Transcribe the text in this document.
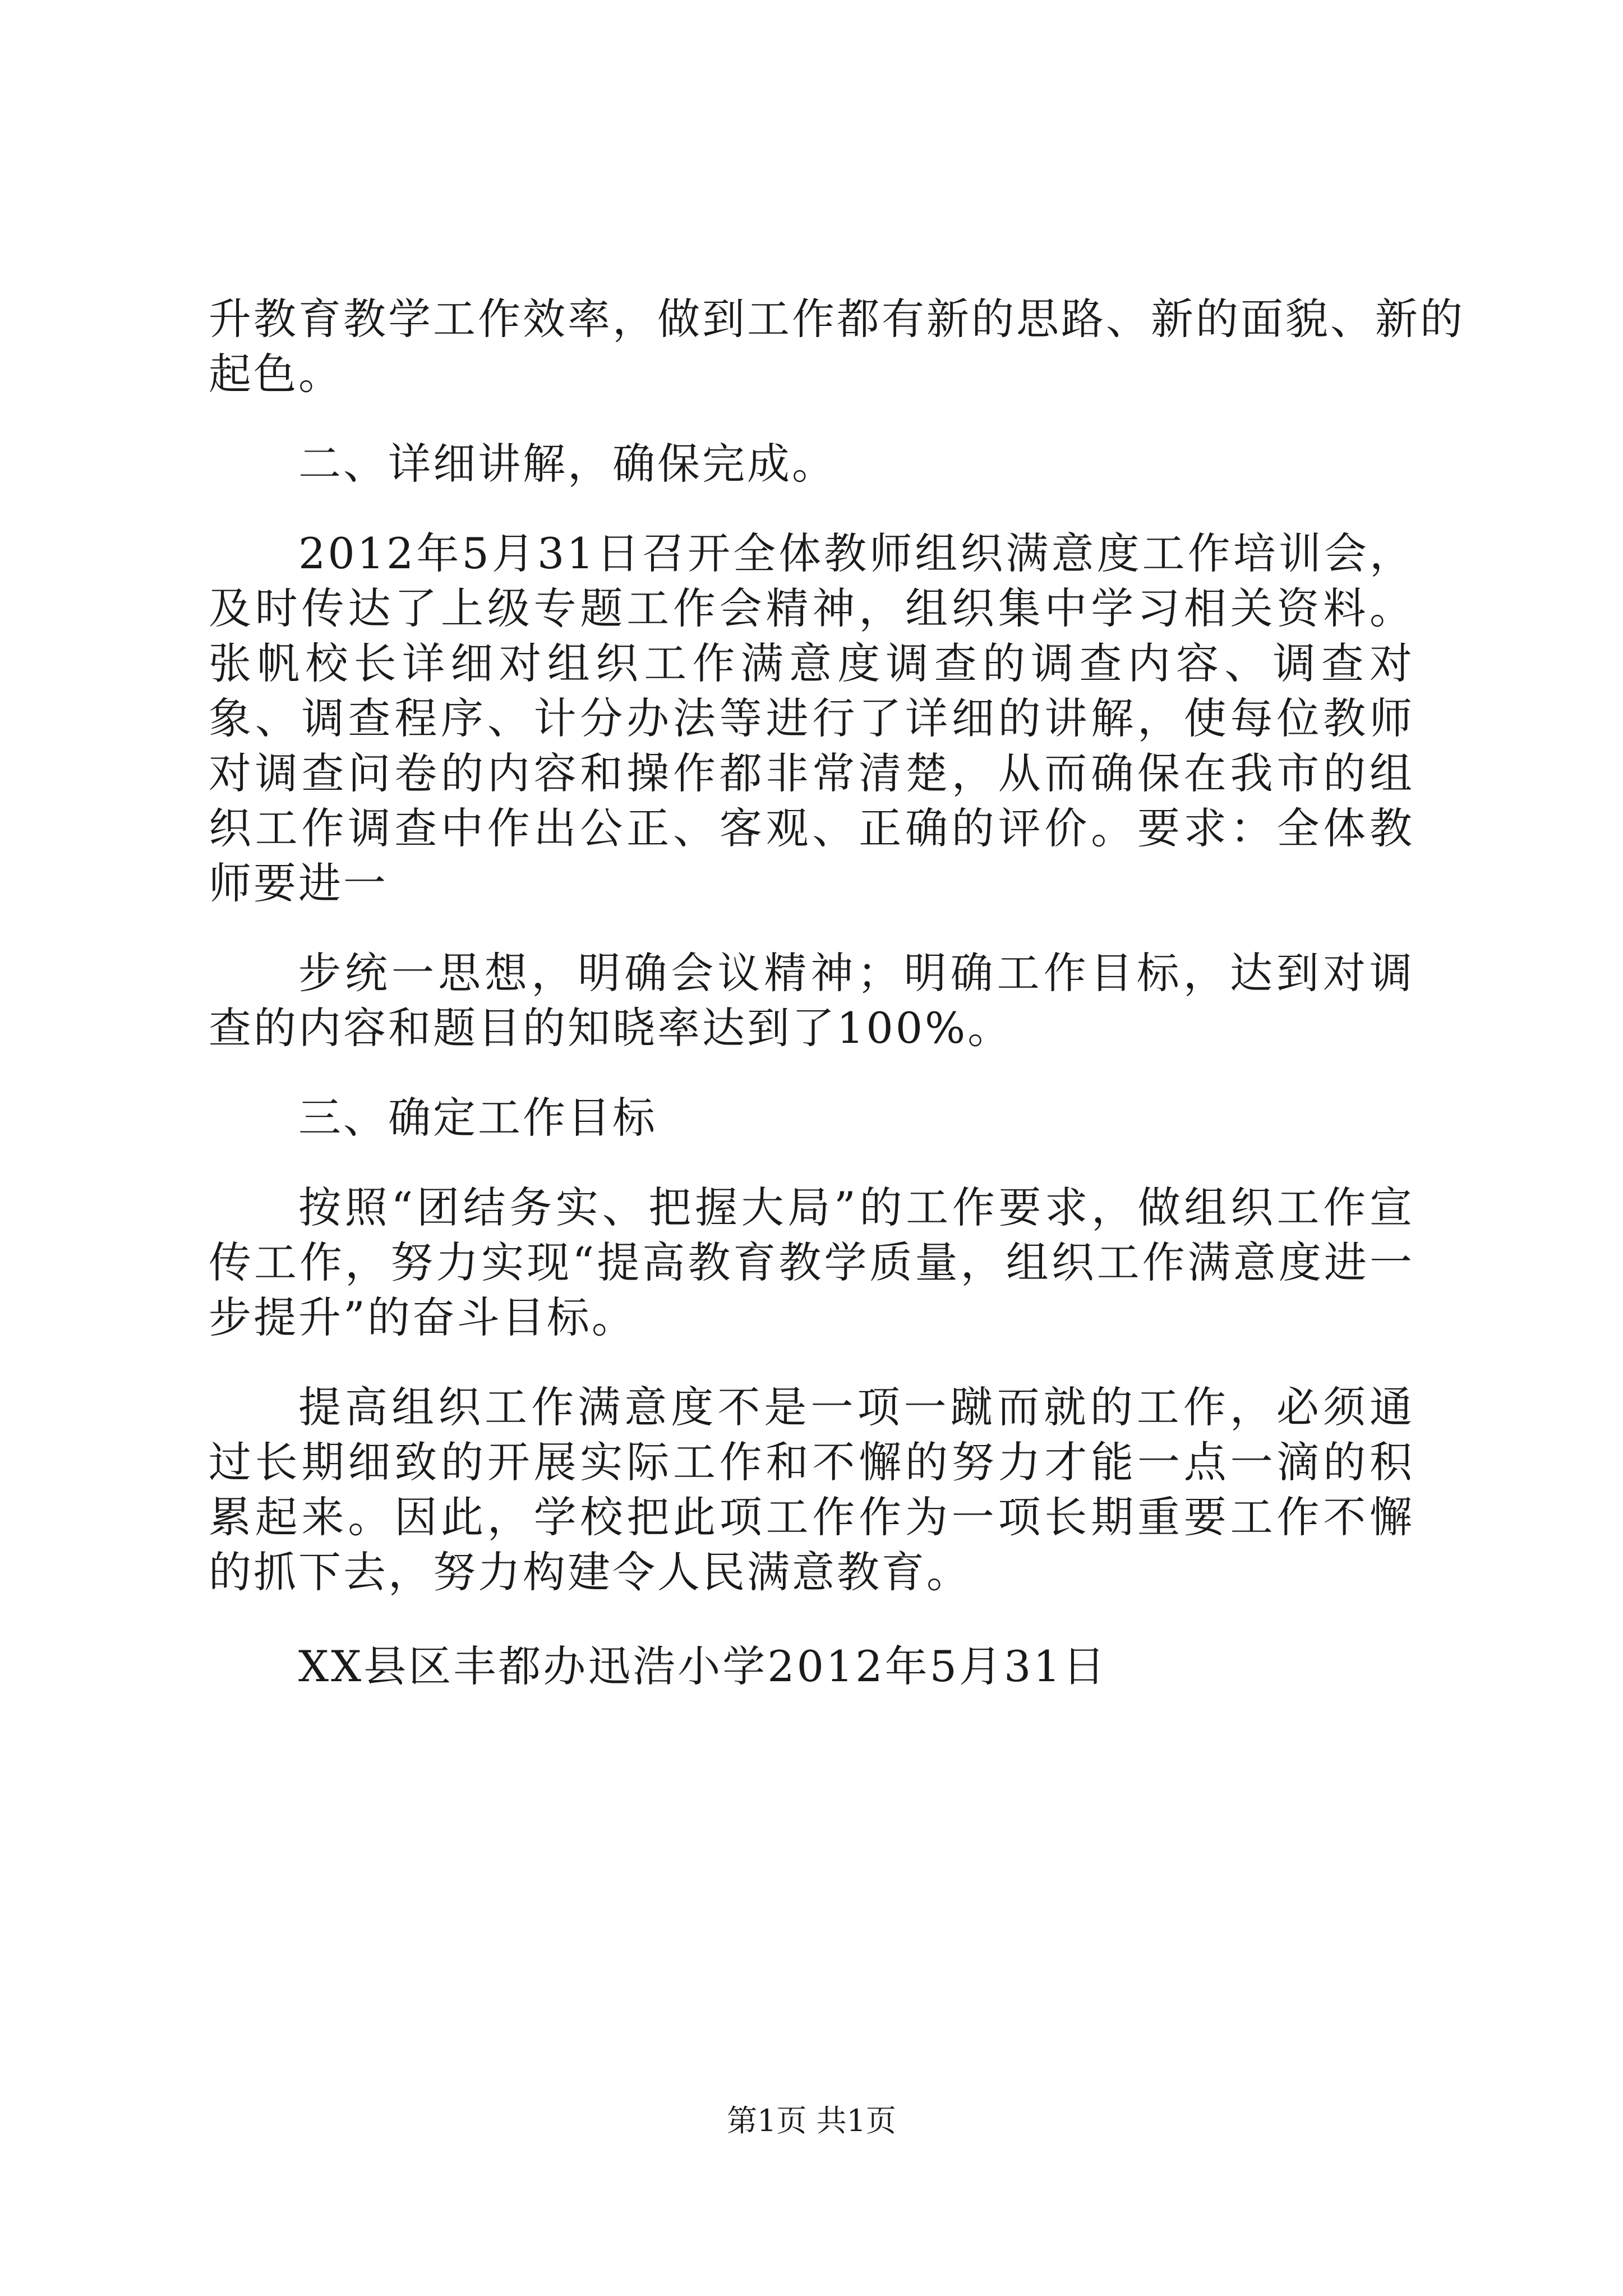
升教育教学工作效率，做到工作都有新的思路、新的面貌、新的

起色。

二、详细讲解，确保完成。

2012年5月31日召开全体教师组织满意度工作培训会，及时传达了上级专题工作会精神，组织集中学习相关资料。张帆校长详细对组织工作满意度调查的调查内容、调查对象、调查程序、计分办法等进行了详细的讲解，使每位教师对调查问卷的内容和操作都非常清楚，从而确保在我市的组织工作调查中作出公正、客观、正确的评价。要求：全体教师要进一

步统一思想，明确会议精神；明确工作目标，达到对调查的内容和题目的知晓率达到了100%。

三、确定工作目标

按照“团结务实、把握大局”的工作要求，做组织工作宣传工作，努力实现“提高教育教学质量，组织工作满意度进一步提升”的奋斗目标。

提高组织工作满意度不是一项一蹴而就的工作，必须通过长期细致的开展实际工作和不懈的努力才能一点一滴的积累起来。因此，学校把此项工作作为一项长期重要工作不懈的抓下去，努力构建令人民满意教育。

XX县区丰都办迅浩小学2012年5月31日

第1页 共1页
